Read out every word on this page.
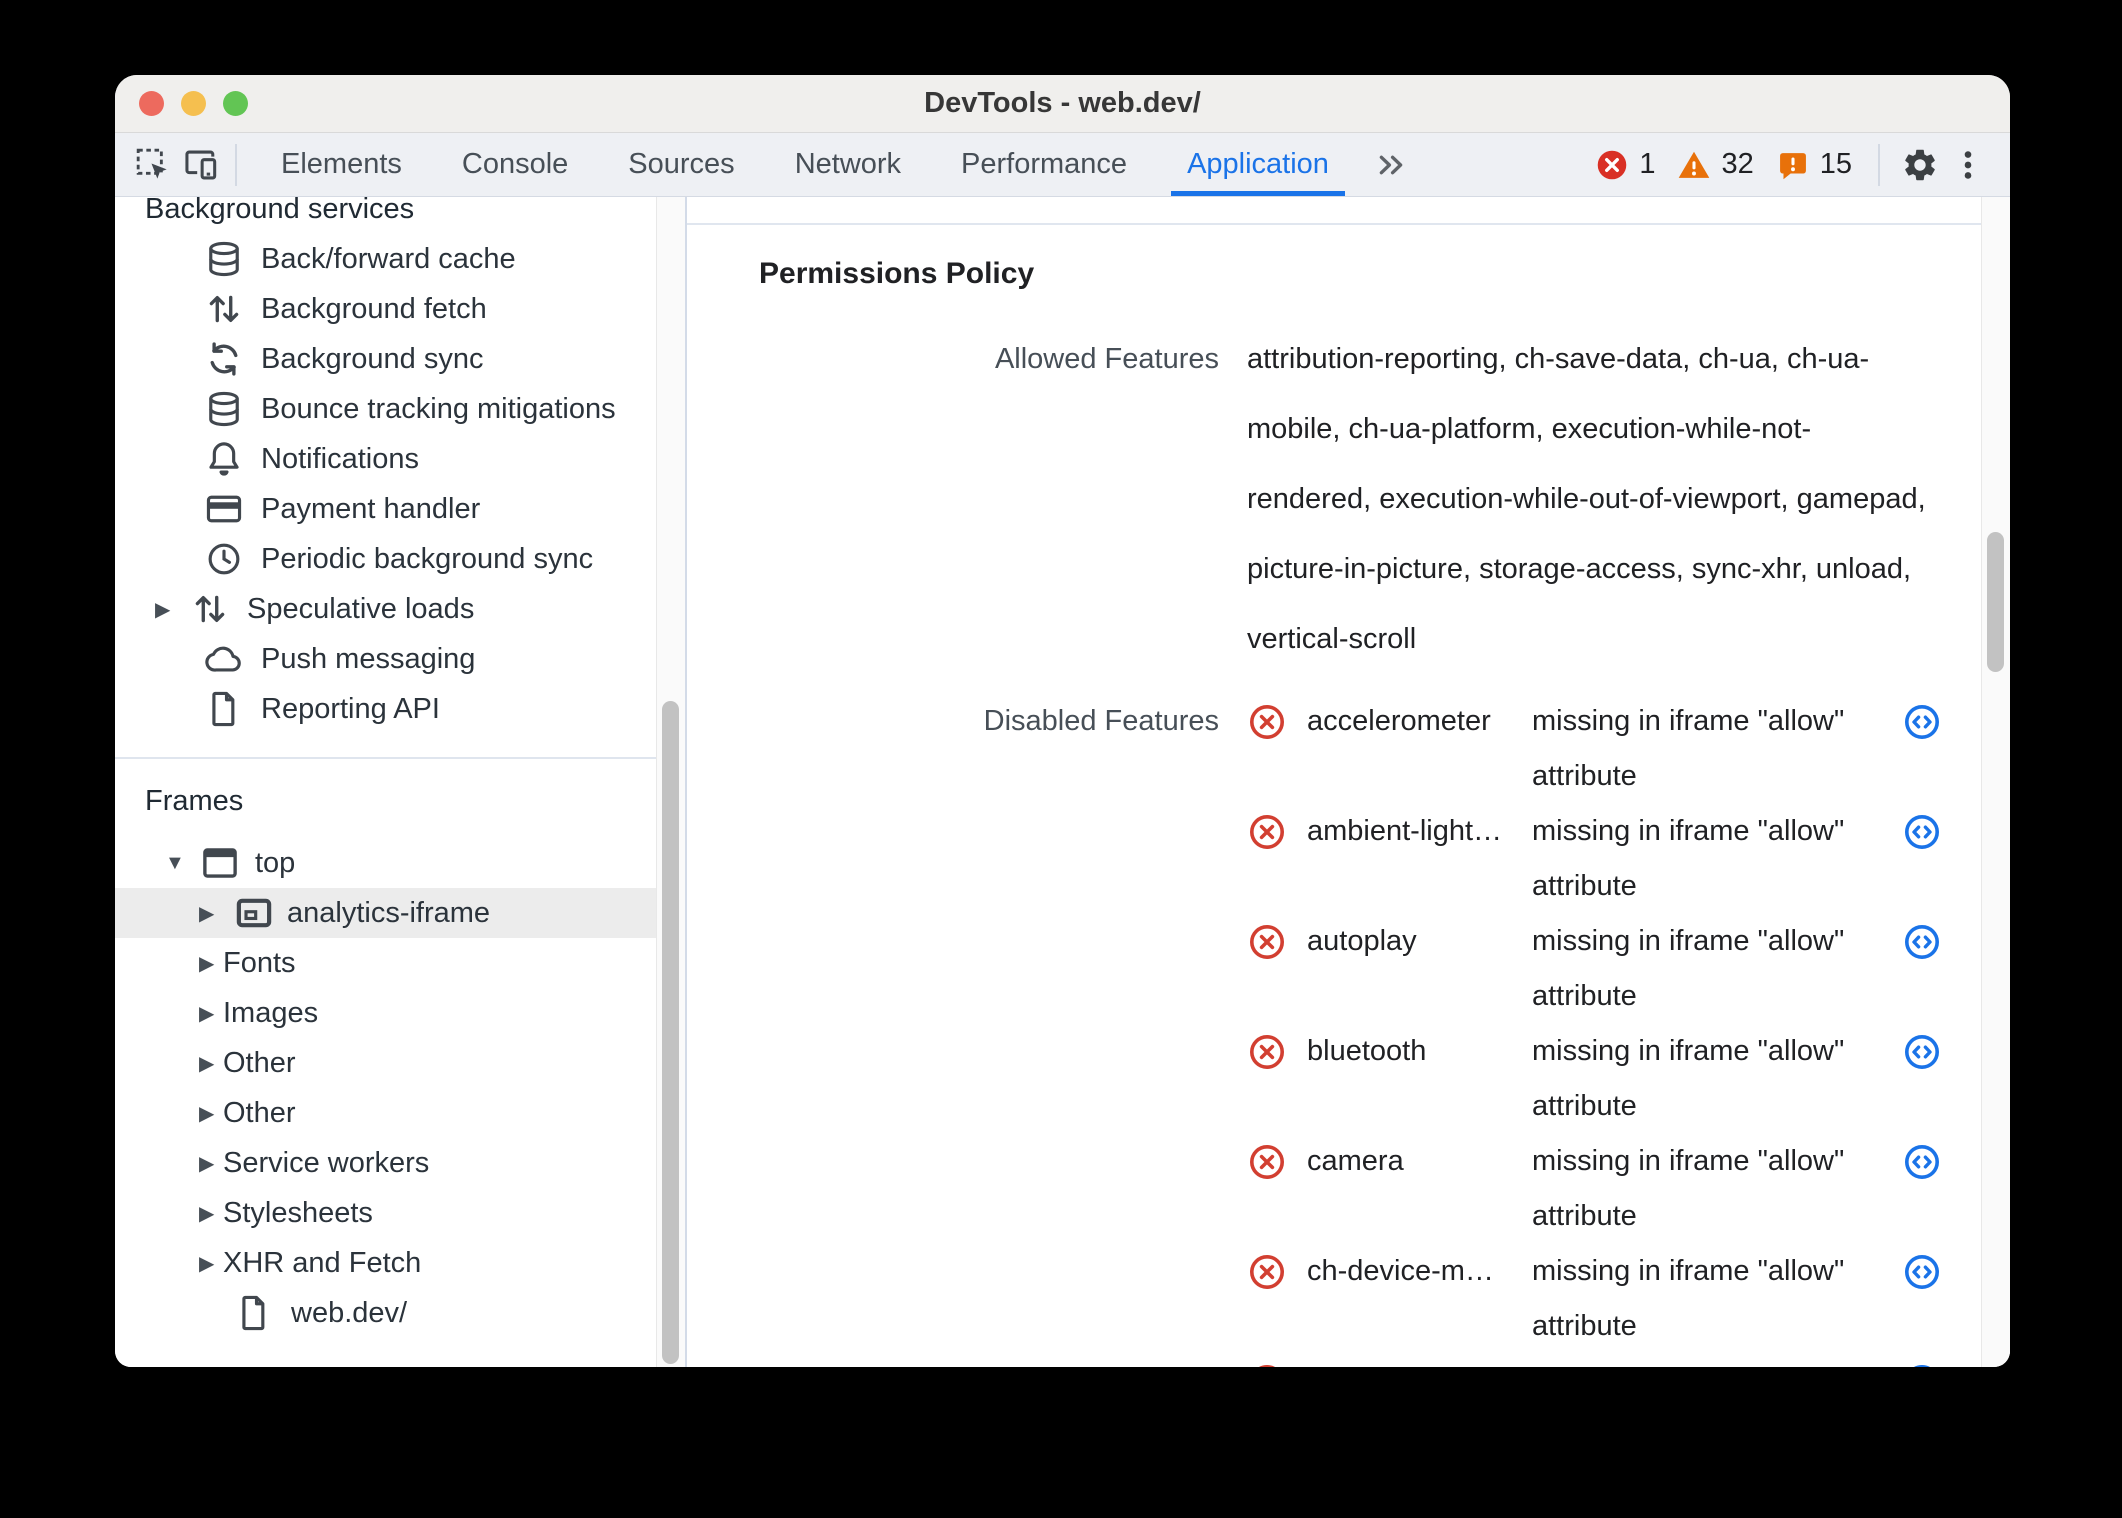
DevTools - web.dev/
Elements	Console	Sources	Network	Performance	Application	1 32 15
Background services
Back/forward cache
Background fetch
Background sync
Bounce tracking mitigations
Notifications
Payment handler
Periodic background sync
▶	Speculative loads
Push messaging
Reporting API
Frames
▼	top
▶	analytics-iframe
▶ Fonts
▶ Images
▶ Other
▶ Other
▶ Service workers
▶ Stylesheets
▶ XHR and Fetch
web.dev/
Permissions Policy
Allowed Features attribution-reporting, ch-save-data, ch-ua, ch-ua-
mobile, ch-ua-platform, execution-while-not-
rendered, execution-while-out-of-viewport, gamepad,
picture-in-picture, storage-access, sync-xhr, unload,
vertical-scroll
Disabled Features	accelerometer	missing in iframe "allow"
attribute
ambient-light…	missing in iframe "allow"
attribute
autoplay	missing in iframe "allow"
attribute
bluetooth	missing in iframe "allow"
attribute
camera	missing in iframe "allow"
attribute
ch-device-m…	missing in iframe "allow"
attribute
